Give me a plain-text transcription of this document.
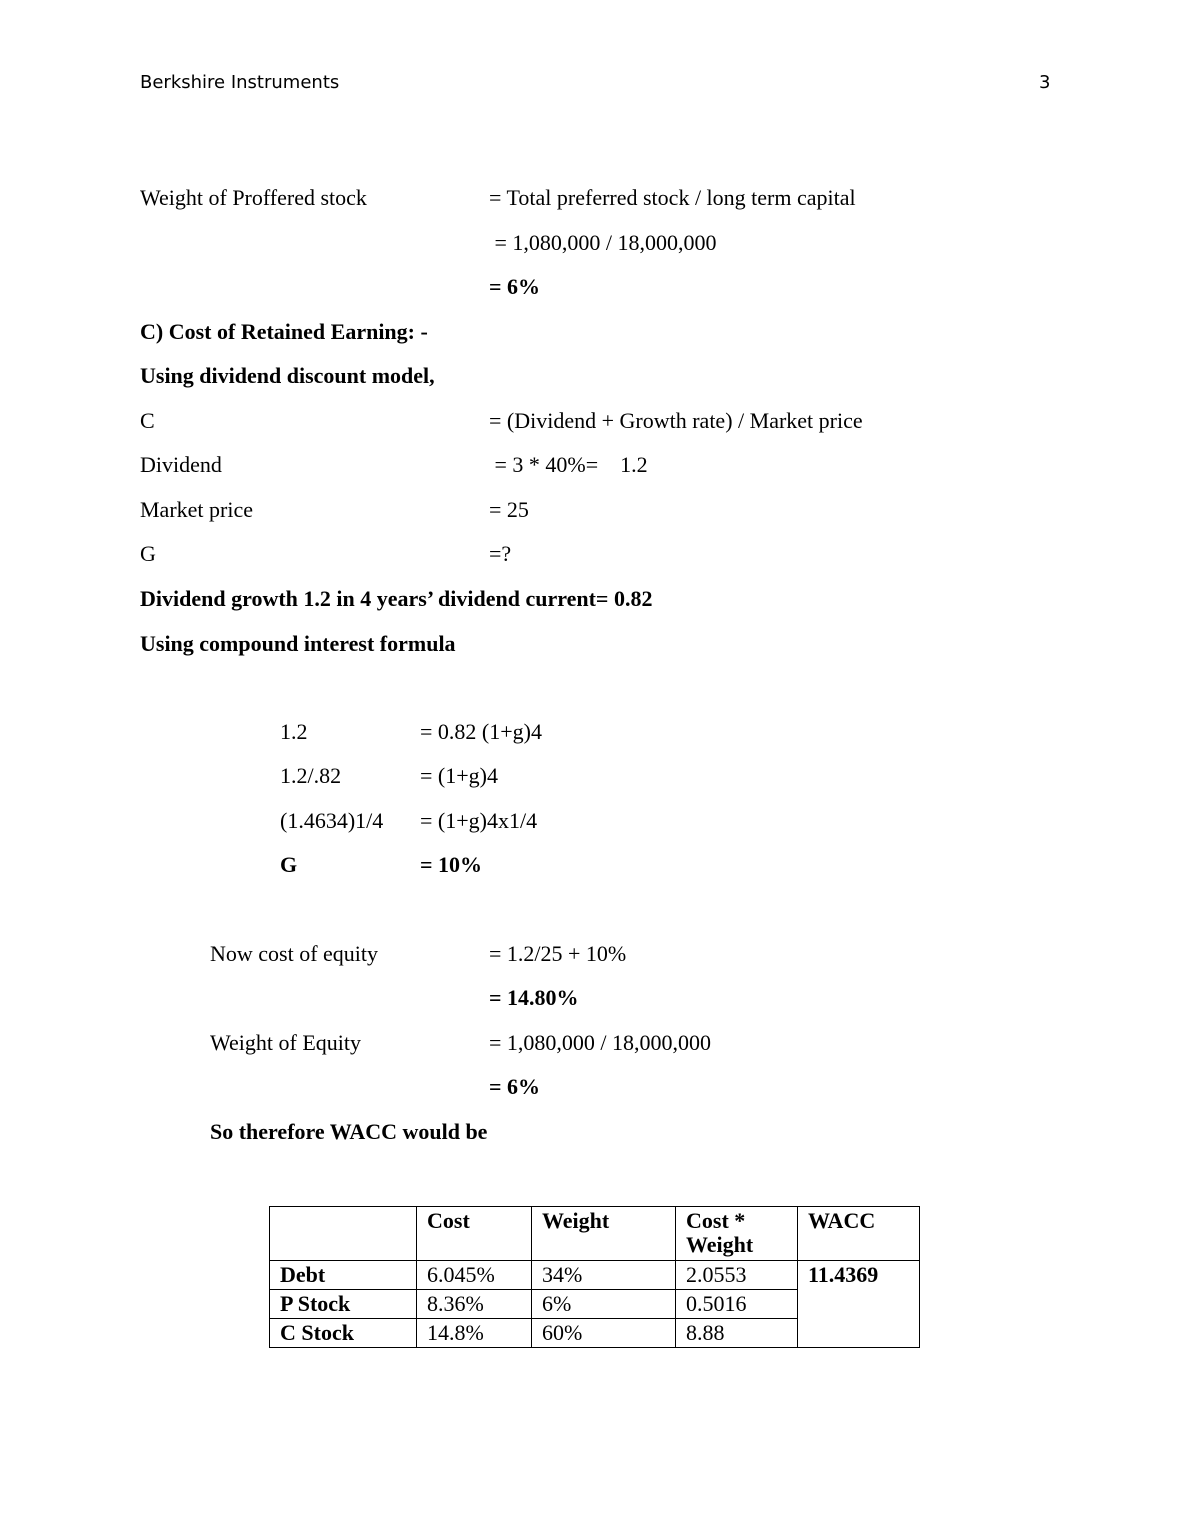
Berkshire Instruments	3
Weight of Proffered stock	= Total preferred stock / long term capital
= 1,080,000 / 18,000,000
= 6%
C) Cost of Retained Earning: -
Using dividend discount model,
C	= (Dividend + Growth rate) / Market price
Dividend	= 3 * 40%=    1.2
Market price	= 25
G	=?
Dividend growth 1.2 in 4 years’ dividend current= 0.82
Using compound interest formula
1.2	= 0.82 (1+g)4
1.2/.82	= (1+g)4
(1.4634)1/4 = (1+g)4x1/4
G	= 10%
Now cost of equity	= 1.2/25 + 10%
= 14.80%
Weight of Equity	= 1,080,000 / 18,000,000
= 6%
So therefore WACC would be
	Cost	Weight	Cost * Weight	WACC
Debt	6.045%	34%	2.0553	11.4369
P Stock	8.36%	6%	0.5016	
C Stock	14.8%	60%	8.88	
